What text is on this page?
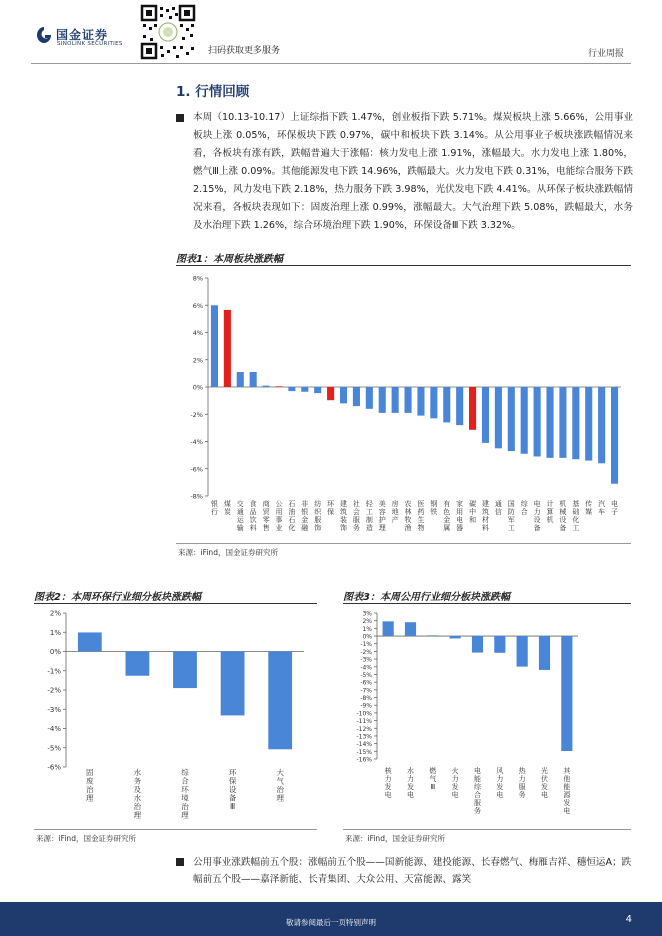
国金证券
SINOLINK SECURITIES
扫码获取更多服务	行业周报
1. 行情回顾
本周（10.13-10.17）上证综指下跌 1.47%，创业板指下跌 5.71%。煤炭板块上涨 5.66%，公用事业板块上涨 0.05%，环保板块下跌 0.97%，碳中和板块下跌 3.14%。从公用事业子板块涨跌幅情况来看，各板块有涨有跌，跌幅普遍大于涨幅：核力发电上涨 1.91%，涨幅最大。水力发电上涨 1.80%，燃气Ⅲ上涨 0.09%。其他能源发电下跌 14.96%，跌幅最大。火力发电下跌 0.31%，电能综合服务下跌 2.15%，风力发电下跌 2.18%，热力服务下跌 3.98%，光伏发电下跌 4.41%。从环保子板块涨跌幅情况来看，各板块表现如下：固废治理上涨 0.99%，涨幅最大。大气治理下跌 5.08%，跌幅最大，水务及水治理下跌 1.26%，综合环境治理下跌 1.90%，环保设备Ⅲ下跌 3.32%。
图表1：本周板块涨跌幅
8%
6%
4%
2%
0%
-2%
-4%
-6%
-8%
银行
煤炭
交通运输
食品饮料
商贸零售
公用事业
石油石化
非银金融
纺织服饰
环保
建筑装饰
社会服务
轻工制造
美容护理
房地产
农林牧渔
医药生物
钢铁
有色金属
家用电器
碳中和
建筑材料
通信
国防军工
综合
电力设备
计算机
机械设备
基础化工
传媒
汽车
电子
来源：iFind，国金证券研究所
图表2：本周环保行业细分板块涨跌幅
2%
1%
0%
-1%
-2%
-3%
-4%
-5%
-6%
固废治理
水务及水治理
综合环境治理
环保设备 Ⅲ
大气治理
来源：iFind，国金证券研究所
图表3：本周公用行业细分板块涨跌幅
3%
2%
1%
0%
-1%
-2%
-3%
-4%
-5%
-6%
-7%
-8%
-9%
-10%
-11%
-12%
-13%
-14%
-15%
-16%
核力发电
水力发电
燃气 Ⅲ
火力发电
电能综合服务
风力发电
热力服务
光伏发电
其他能源发电
来源：iFind，国金证券研究所
公用事业涨跌幅前五个股：涨幅前五个股——国新能源、建投能源、长春燃气、梅雁吉祥、穗恒运A；跌幅前五个股——嘉泽新能、长青集团、大众公用、天富能源、露笑
敬请参阅最后一页特别声明	4
